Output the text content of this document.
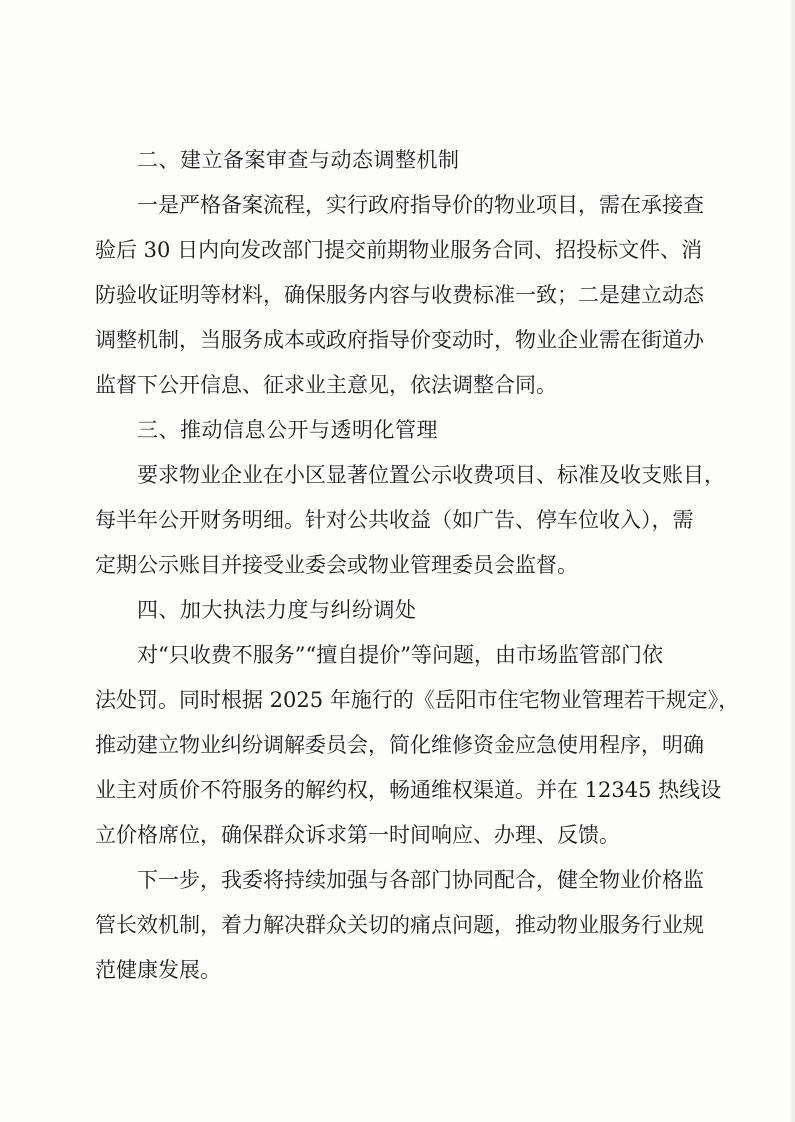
二、建立备案审查与动态调整机制
一是严格备案流程，实行政府指导价的物业项目，需在承接查
验后 30 日内向发改部门提交前期物业服务合同、招投标文件、消
防验收证明等材料，确保服务内容与收费标准一致；二是建立动态
调整机制，当服务成本或政府指导价变动时，物业企业需在街道办
监督下公开信息、征求业主意见，依法调整合同。
三、推动信息公开与透明化管理
要求物业企业在小区显著位置公示收费项目、标准及收支账目，
每半年公开财务明细。针对公共收益（如广告、停车位收入），需
定期公示账目并接受业委会或物业管理委员会监督。
四、加大执法力度与纠纷调处
对“只收费不服务”“擅自提价”等问题，由市场监管部门依
法处罚。同时根据 2025 年施行的《岳阳市住宅物业管理若干规定》，
推动建立物业纠纷调解委员会，简化维修资金应急使用程序，明确
业主对质价不符服务的解约权，畅通维权渠道。并在 12345 热线设
立价格席位，确保群众诉求第一时间响应、办理、反馈。
下一步，我委将持续加强与各部门协同配合，健全物业价格监
管长效机制，着力解决群众关切的痛点问题，推动物业服务行业规
范健康发展。
